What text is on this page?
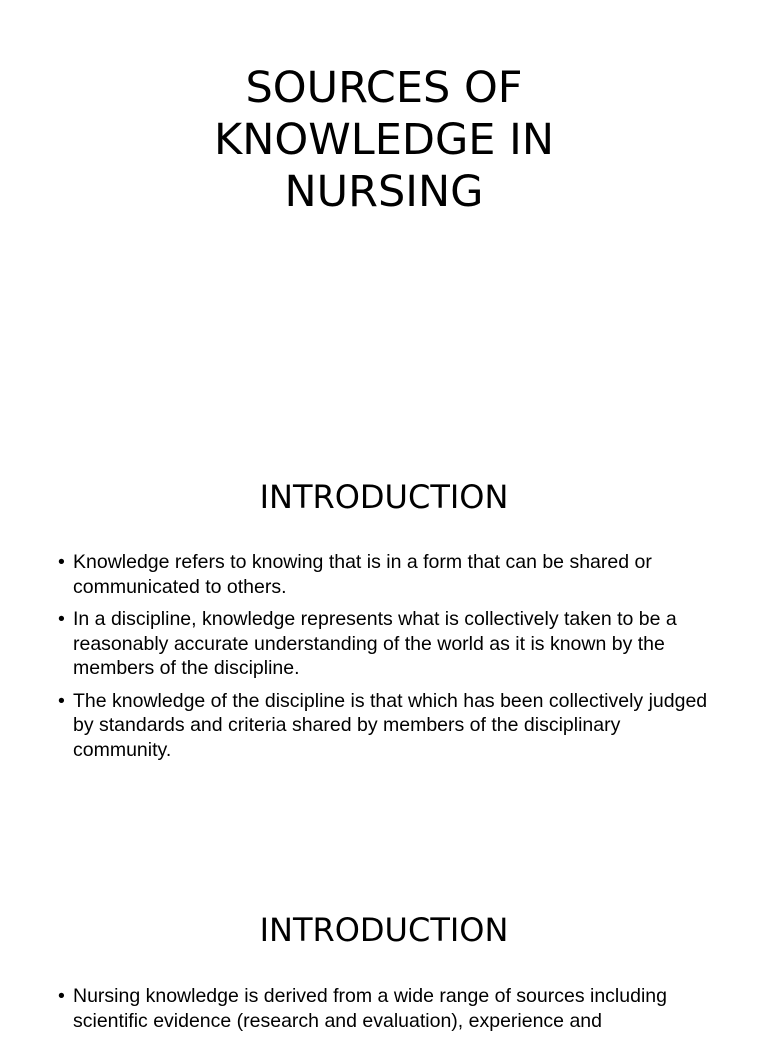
SOURCES OF KNOWLEDGE IN NURSING
INTRODUCTION
• Knowledge refers to knowing that is in a form that can be shared or communicated to others.
• In a discipline, knowledge represents what is collectively taken to be a reasonably accurate understanding of the world as it is known by the members of the discipline.
• The knowledge of the discipline is that which has been collectively judged by standards and criteria shared by members of the disciplinary community.
INTRODUCTION
• Nursing knowledge is derived from a wide range of sources including scientific evidence (research and evaluation), experience and
